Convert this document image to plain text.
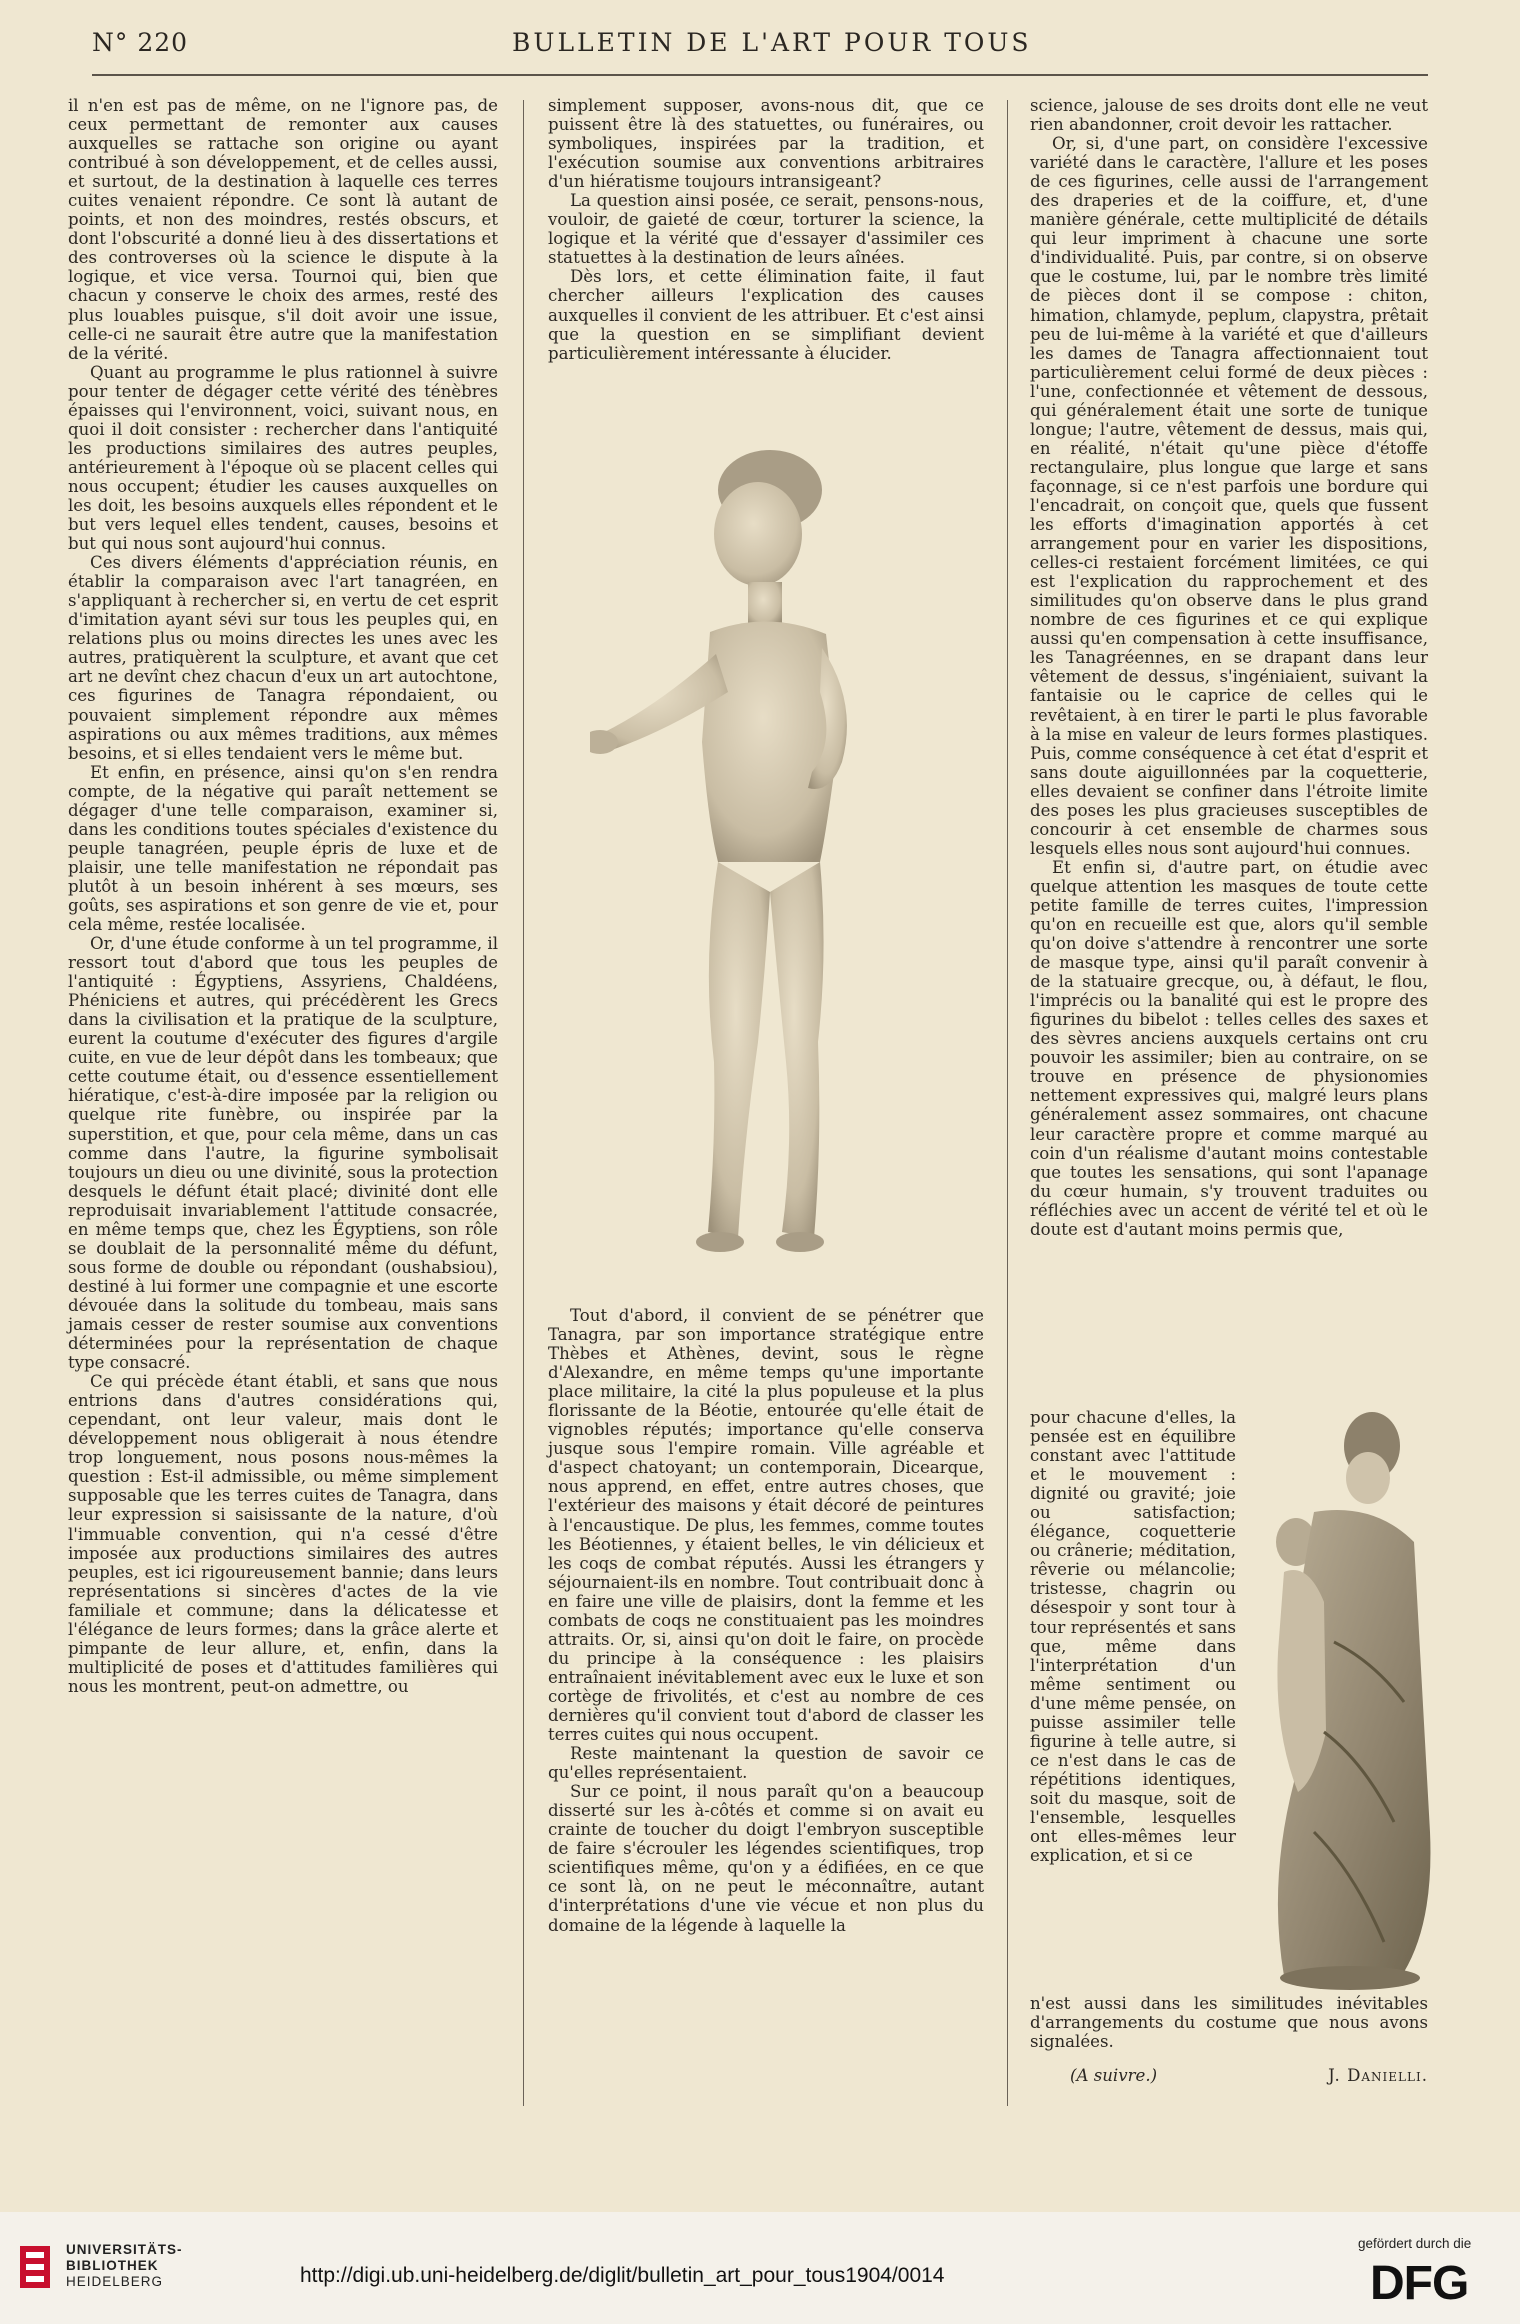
N° 220	BULLETIN DE L'ART POUR TOUS

il n'en est pas de même, on ne l'ignore pas, de ceux permettant de remonter aux causes auxquelles se rattache son origine ou ayant contribué à son développement, et de celles aussi, et surtout, de la destination à laquelle ces terres cuites venaient répondre. Ce sont là autant de points, et non des moindres, restés obscurs, et dont l'obscurité a donné lieu à des dissertations et des controverses où la science le dispute à la logique, et vice versa. Tournoi qui, bien que chacun y conserve le choix des armes, resté des plus louables puisque, s'il doit avoir une issue, celle-ci ne saurait être autre que la manifestation de la vérité.

Quant au programme le plus rationnel à suivre pour tenter de dégager cette vérité des ténèbres épaisses qui l'environnent, voici, suivant nous, en quoi il doit consister : rechercher dans l'antiquité les productions similaires des autres peuples, antérieurement à l'époque où se placent celles qui nous occupent; étudier les causes auxquelles on les doit, les besoins auxquels elles répondent et le but vers lequel elles tendent, causes, besoins et but qui nous sont aujourd'hui connus.

Ces divers éléments d'appréciation réunis, en établir la comparaison avec l'art tanagréen, en s'appliquant à rechercher si, en vertu de cet esprit d'imitation ayant sévi sur tous les peuples qui, en relations plus ou moins directes les unes avec les autres, pratiquèrent la sculpture, et avant que cet art ne devînt chez chacun d'eux un art autochtone, ces figurines de Tanagra répondaient, ou pouvaient simplement répondre aux mêmes aspirations ou aux mêmes traditions, aux mêmes besoins, et si elles tendaient vers le même but.

Et enfin, en présence, ainsi qu'on s'en rendra compte, de la négative qui paraît nettement se dégager d'une telle comparaison, examiner si, dans les conditions toutes spéciales d'existence du peuple tanagréen, peuple épris de luxe et de plaisir, une telle manifestation ne répondait pas plutôt à un besoin inhérent à ses mœurs, ses goûts, ses aspirations et son genre de vie et, pour cela même, restée localisée.

Or, d'une étude conforme à un tel programme, il ressort tout d'abord que tous les peuples de l'antiquité : Égyptiens, Assyriens, Chaldéens, Phéniciens et autres, qui précédèrent les Grecs dans la civilisation et la pratique de la sculpture, eurent la coutume d'exécuter des figures d'argile cuite, en vue de leur dépôt dans les tombeaux; que cette coutume était, ou d'essence essentiellement hiératique, c'est-à-dire imposée par la religion ou quelque rite funèbre, ou inspirée par la superstition, et que, pour cela même, dans un cas comme dans l'autre, la figurine symbolisait toujours un dieu ou une divinité, sous la protection desquels le défunt était placé; divinité dont elle reproduisait invariablement l'attitude consacrée, en même temps que, chez les Égyptiens, son rôle se doublait de la personnalité même du défunt, sous forme de double ou répondant (oushabsiou), destiné à lui former une compagnie et une escorte dévouée dans la solitude du tombeau, mais sans jamais cesser de rester soumise aux conventions déterminées pour la représentation de chaque type consacré.

Ce qui précède étant établi, et sans que nous entrions dans d'autres considérations qui, cependant, ont leur valeur, mais dont le développement nous obligerait à nous étendre trop longuement, nous posons nous-mêmes la question : Est-il admissible, ou même simplement supposable que les terres cuites de Tanagra, dans leur expression si saisissante de la nature, d'où l'immuable convention, qui n'a cessé d'être imposée aux productions similaires des autres peuples, est ici rigoureusement bannie; dans leurs représentations si sincères d'actes de la vie familiale et commune; dans la délicatesse et l'élégance de leurs formes; dans la grâce alerte et pimpante de leur allure, et, enfin, dans la multiplicité de poses et d'attitudes familières qui nous les montrent, peut-on admettre, ou

simplement supposer, avons-nous dit, que ce puissent être là des statuettes, ou funéraires, ou symboliques, inspirées par la tradition, et l'exécution soumise aux conventions arbitraires d'un hiératisme toujours intransigeant?

La question ainsi posée, ce serait, pensons-nous, vouloir, de gaieté de cœur, torturer la science, la logique et la vérité que d'essayer d'assimiler ces statuettes à la destination de leurs aînées.

Dès lors, et cette élimination faite, il faut chercher ailleurs l'explication des causes auxquelles il convient de les attribuer. Et c'est ainsi que la question en se simplifiant devient particulièrement intéressante à élucider.

Tout d'abord, il convient de se pénétrer que Tanagra, par son importance stratégique entre Thèbes et Athènes, devint, sous le règne d'Alexandre, en même temps qu'une importante place militaire, la cité la plus populeuse et la plus florissante de la Béotie, entourée qu'elle était de vignobles réputés; importance qu'elle conserva jusque sous l'empire romain. Ville agréable et d'aspect chatoyant; un contemporain, Dicearque, nous apprend, en effet, entre autres choses, que l'extérieur des maisons y était décoré de peintures à l'encaustique. De plus, les femmes, comme toutes les Béotiennes, y étaient belles, le vin délicieux et les coqs de combat réputés. Aussi les étrangers y séjournaient-ils en nombre. Tout contribuait donc à en faire une ville de plaisirs, dont la femme et les combats de coqs ne constituaient pas les moindres attraits. Or, si, ainsi qu'on doit le faire, on procède du principe à la conséquence : les plaisirs entraînaient inévitablement avec eux le luxe et son cortège de frivolités, et c'est au nombre de ces dernières qu'il convient tout d'abord de classer les terres cuites qui nous occupent.

Reste maintenant la question de savoir ce qu'elles représentaient.

Sur ce point, il nous paraît qu'on a beaucoup disserté sur les à-côtés et comme si on avait eu crainte de toucher du doigt l'embryon susceptible de faire s'écrouler les légendes scientifiques, trop scientifiques même, qu'on y a édifiées, en ce que ce sont là, on ne peut le méconnaître, autant d'interprétations d'une vie vécue et non plus du domaine de la légende à laquelle la

science, jalouse de ses droits dont elle ne veut rien abandonner, croit devoir les rattacher.

Or, si, d'une part, on considère l'excessive variété dans le caractère, l'allure et les poses de ces figurines, celle aussi de l'arrangement des draperies et de la coiffure, et, d'une manière générale, cette multiplicité de détails qui leur impriment à chacune une sorte d'individualité. Puis, par contre, si on observe que le costume, lui, par le nombre très limité de pièces dont il se compose : chiton, himation, chlamyde, peplum, clapystra, prêtait peu de lui-même à la variété et que d'ailleurs les dames de Tanagra affectionnaient tout particulièrement celui formé de deux pièces : l'une, confectionnée et vêtement de dessous, qui généralement était une sorte de tunique longue; l'autre, vêtement de dessus, mais qui, en réalité, n'était qu'une pièce d'étoffe rectangulaire, plus longue que large et sans façonnage, si ce n'est parfois une bordure qui l'encadrait, on conçoit que, quels que fussent les efforts d'imagination apportés à cet arrangement pour en varier les dispositions, celles-ci restaient forcément limitées, ce qui est l'explication du rapprochement et des similitudes qu'on observe dans le plus grand nombre de ces figurines et ce qui explique aussi qu'en compensation à cette insuffisance, les Tanagréennes, en se drapant dans leur vêtement de dessus, s'ingéniaient, suivant la fantaisie ou le caprice de celles qui le revêtaient, à en tirer le parti le plus favorable à la mise en valeur de leurs formes plastiques. Puis, comme conséquence à cet état d'esprit et sans doute aiguillonnées par la coquetterie, elles devaient se confiner dans l'étroite limite des poses les plus gracieuses susceptibles de concourir à cet ensemble de charmes sous lesquels elles nous sont aujourd'hui connues.

Et enfin si, d'autre part, on étudie avec quelque attention les masques de toute cette petite famille de terres cuites, l'impression qu'on en recueille est que, alors qu'il semble qu'on doive s'attendre à rencontrer une sorte de masque type, ainsi qu'il paraît convenir à de la statuaire grecque, ou, à défaut, le flou, l'imprécis ou la banalité qui est le propre des figurines du bibelot : telles celles des saxes et des sèvres anciens auxquels certains ont cru pouvoir les assimiler; bien au contraire, on se trouve en présence de physionomies nettement expressives qui, malgré leurs plans généralement assez sommaires, ont chacune leur caractère propre et comme marqué au coin d'un réalisme d'autant moins contestable que toutes les sensations, qui sont l'apanage du cœur humain, s'y trouvent traduites ou réfléchies avec un accent de vérité tel et où le doute est d'autant moins permis que,

pour chacune d'elles, la pensée est en équilibre constant avec l'attitude et le mouvement : dignité ou gravité; joie ou satisfaction; élégance, coquetterie ou crânerie; méditation, rêverie ou mélancolie; tristesse, chagrin ou désespoir y sont tour à tour représentés et sans que, même dans l'interprétation d'un même sentiment ou d'une même pensée, on puisse assimiler telle figurine à telle autre, si ce n'est dans le cas de répétitions identiques, soit du masque, soit de l'ensemble, lesquelles ont elles-mêmes leur explication, et si ce

n'est aussi dans les similitudes inévitables d'arrangements du costume que nous avons signalées.

(A suivre.)	J. Danielli.
UNIVERSITÄTS-
BIBLIOTHEK
HEIDELBERG	http://digi.ub.uni-heidelberg.de/diglit/bulletin_art_pour_tous1904/0014
gefördert durch die
DFG
